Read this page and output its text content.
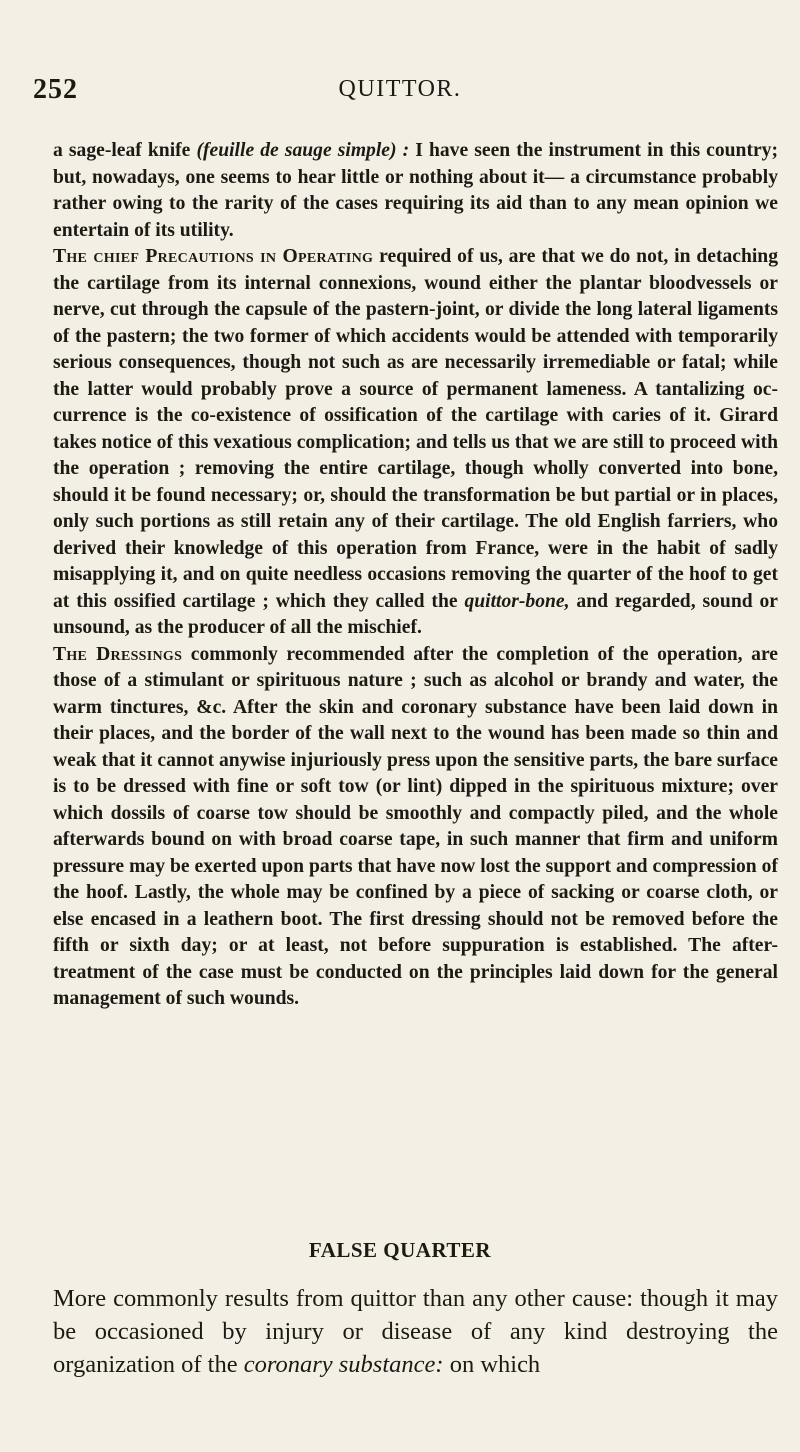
252	QUITTOR.

a sage-leaf knife (feuille de sauge simple) : I have seen the instrument in this country; but, nowadays, one seems to hear little or nothing about it— a circumstance probably rather owing to the rarity of the cases requiring its aid than to any mean opinion we entertain of its utility.

The chief Precautions in Operating required of us, are that we do not, in detaching the cartilage from its internal connexions, wound either the plantar bloodvessels or nerve, cut through the capsule of the pastern-joint, or divide the long lateral ligaments of the pastern; the two former of which accidents would be attended with temporarily serious consequences, though not such as are necessarily irremediable or fatal; while the latter would probably prove a source of permanent lameness. A tantalizing occurrence is the co-existence of ossification of the cartilage with caries of it. Girard takes notice of this vexatious complication; and tells us that we are still to proceed with the operation ; removing the entire cartilage, though wholly converted into bone, should it be found necessary; or, should the transformation be but partial or in places, only such portions as still retain any of their cartilage. The old English farriers, who derived their knowledge of this operation from France, were in the habit of sadly misapplying it, and on quite needless occasions removing the quarter of the hoof to get at this ossified cartilage ; which they called the quittor-bone, and regarded, sound or unsound, as the producer of all the mischief.

The Dressings commonly recommended after the completion of the operation, are those of a stimulant or spirituous nature ; such as alcohol or brandy and water, the warm tinctures, &c. After the skin and coronary substance have been laid down in their places, and the border of the wall next to the wound has been made so thin and weak that it cannot anywise injuriously press upon the sensitive parts, the bare surface is to be dressed with fine or soft tow (or lint) dipped in the spirituous mixture; over which dossils of coarse tow should be smoothly and compactly piled, and the whole afterwards bound on with broad coarse tape, in such manner that firm and uniform pressure may be exerted upon parts that have now lost the support and compression of the hoof. Lastly, the whole may be confined by a piece of sacking or coarse cloth, or else encased in a leathern boot. The first dressing should not be removed before the fifth or sixth day; or at least, not before suppuration is established. The after-treatment of the case must be conducted on the principles laid down for the general management of such wounds.

FALSE QUARTER

More commonly results from quittor than any other cause: though it may be occasioned by injury or disease of any kind destroying the organization of the coronary substance: on which
